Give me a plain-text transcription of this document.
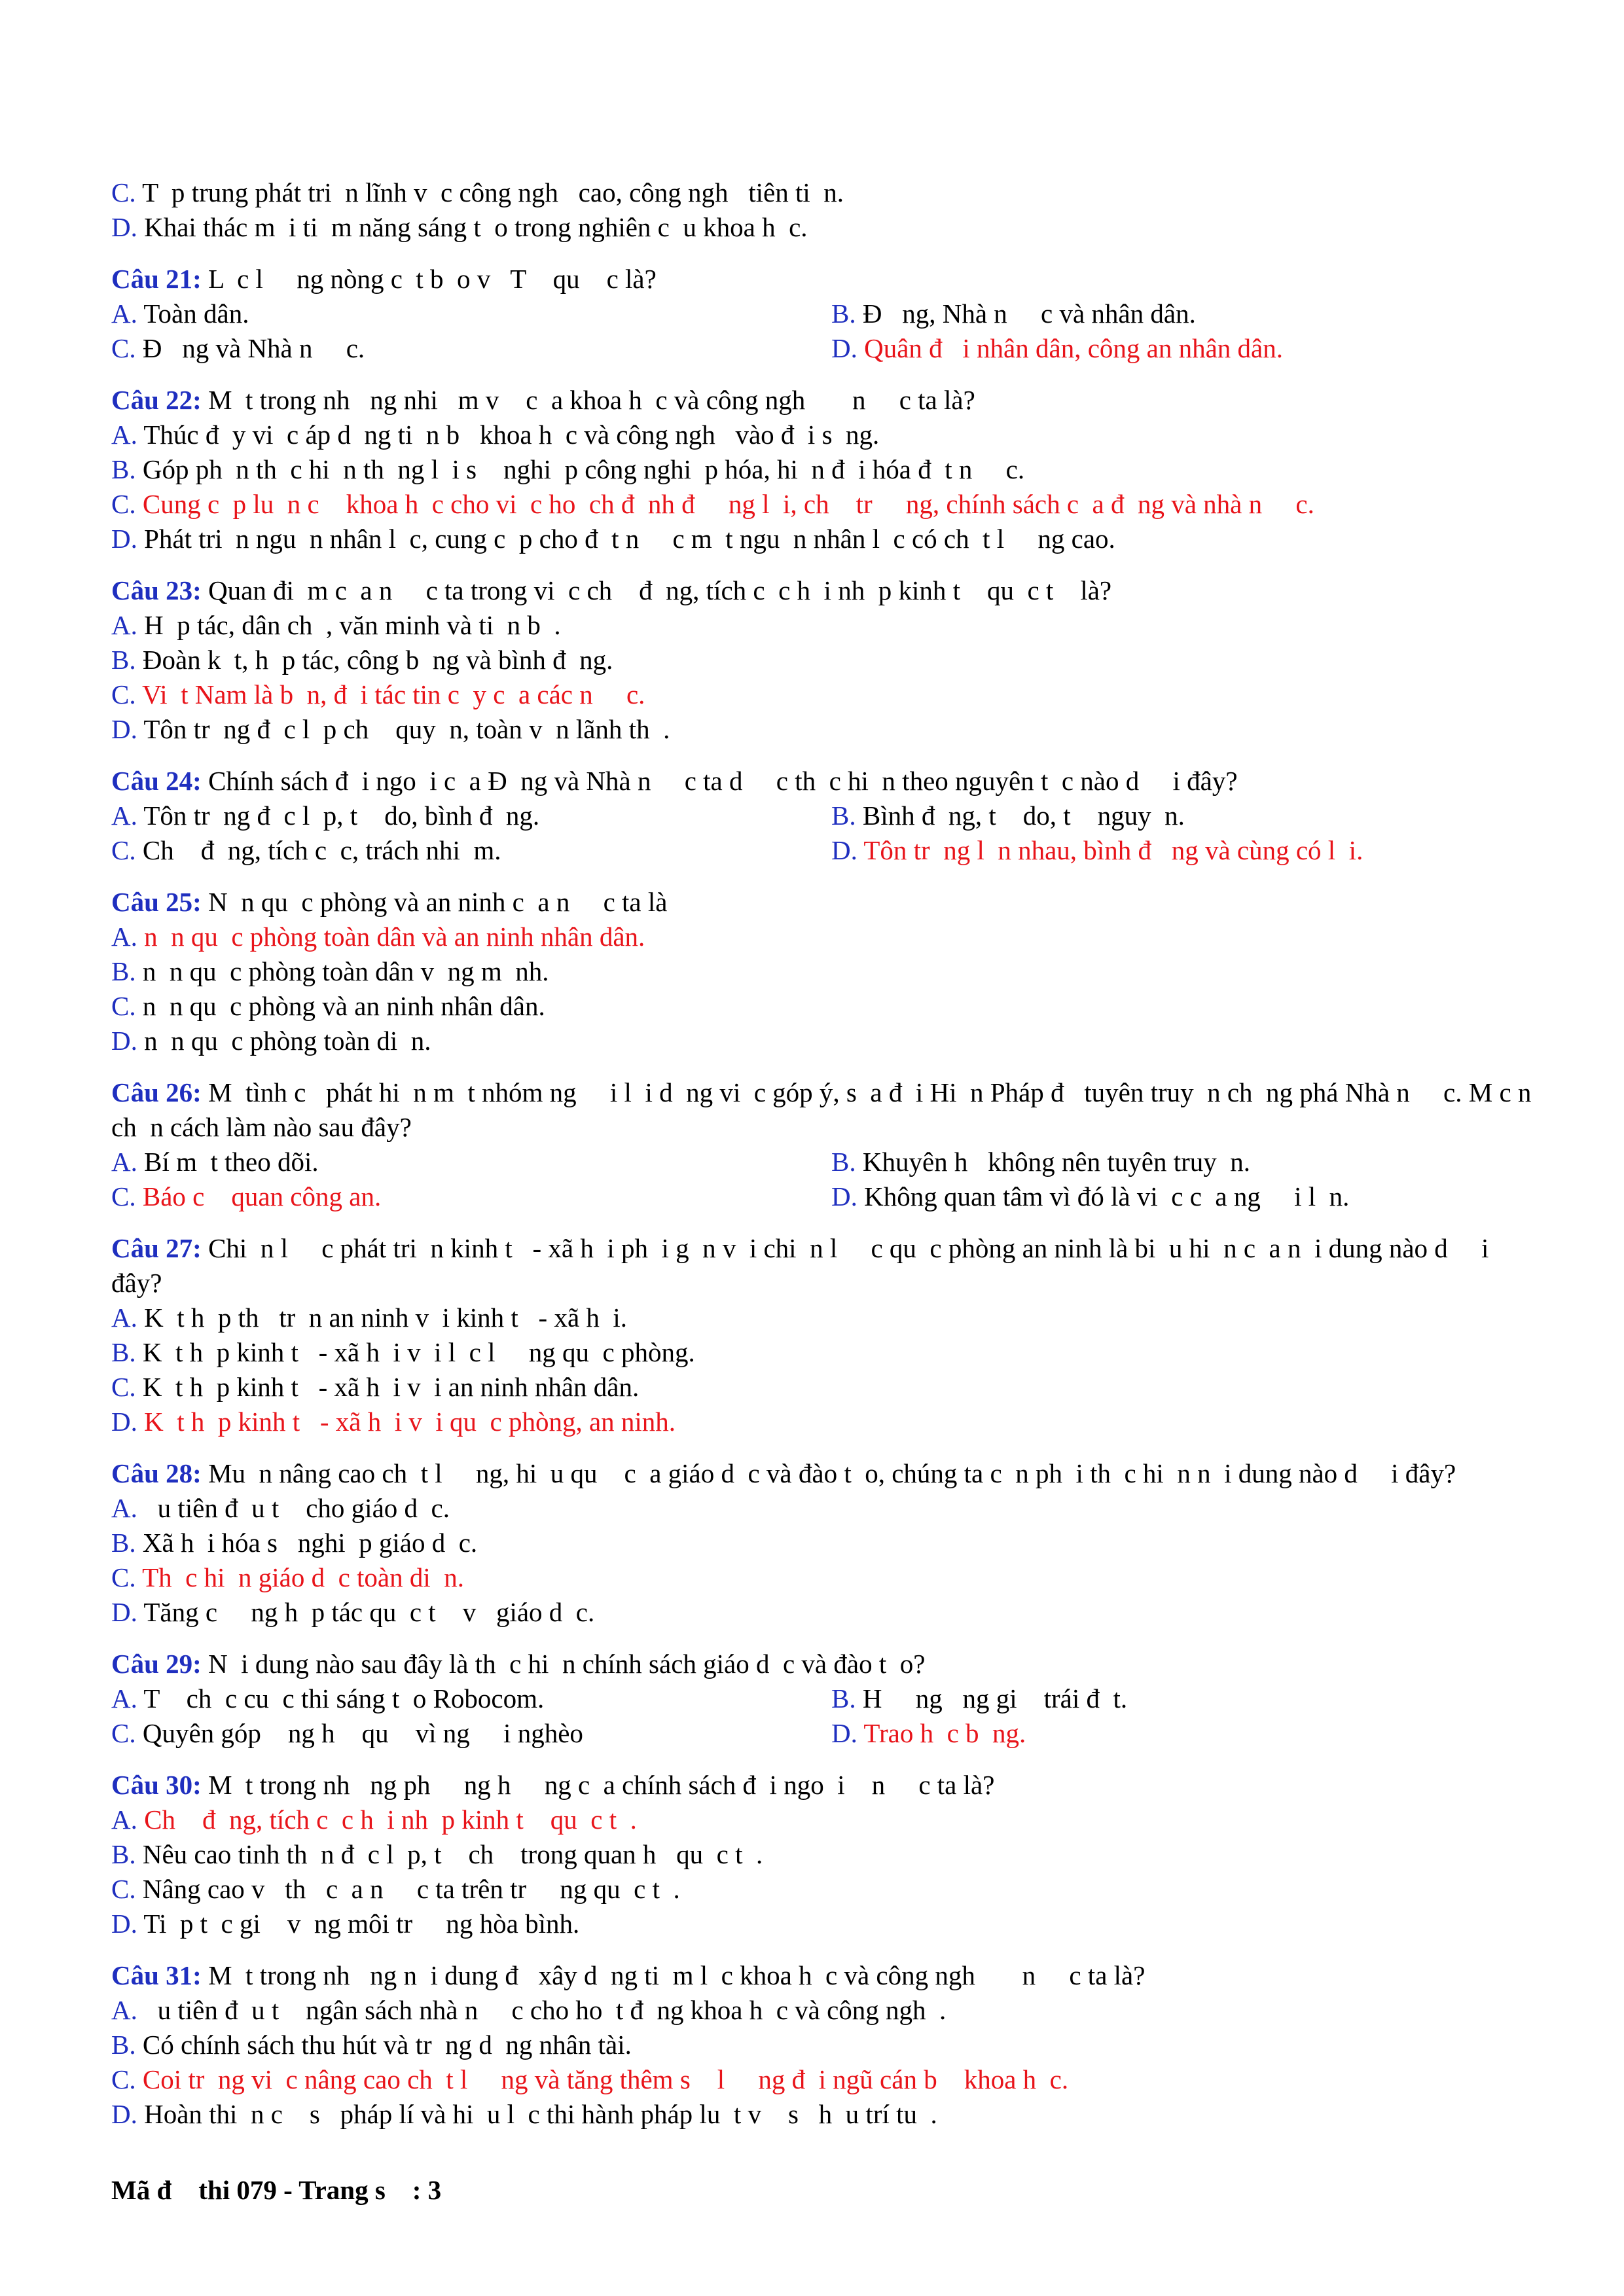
C. T  p trung phát tri  n lĩnh v  c công ngh   cao, công ngh   tiên ti  n.
D. Khai thác m  i ti  m năng sáng t  o trong nghiên c  u khoa h  c.
Câu 21: L  c l     ng nòng c  t b  o v   T    qu    c là?
A. Toàn dân.	B. Đ   ng, Nhà n     c và nhân dân.
C. Đ   ng và Nhà n     c.	D. Quân đ   i nhân dân, công an nhân dân.
Câu 22: M  t trong nh   ng nhi   m v    c  a khoa h  c và công ngh       n     c ta là?
A. Thúc đ  y vi  c áp d  ng ti  n b   khoa h  c và công ngh   vào đ  i s  ng.
B. Góp ph  n th  c hi  n th  ng l  i s    nghi  p công nghi  p hóa, hi  n đ  i hóa đ  t n     c.
C. Cung c  p lu  n c    khoa h  c cho vi  c ho  ch đ  nh đ     ng l  i, ch    tr     ng, chính sách c  a đ  ng và nhà n     c.
D. Phát tri  n ngu  n nhân l  c, cung c  p cho đ  t n     c m  t ngu  n nhân l  c có ch  t l     ng cao.
Câu 23: Quan đi  m c  a n     c ta trong vi  c ch    đ  ng, tích c  c h  i nh  p kinh t    qu  c t    là?
A. H  p tác, dân ch  , văn minh và ti  n b  .
B. Đoàn k  t, h  p tác, công b  ng và bình đ  ng.
C. Vi  t Nam là b  n, đ  i tác tin c  y c  a các n     c.
D. Tôn tr  ng đ  c l  p ch    quy  n, toàn v  n lãnh th  .
Câu 24: Chính sách đ  i ngo  i c  a Đ  ng và Nhà n     c ta d     c th  c hi  n theo nguyên t  c nào d     i đây?
A. Tôn tr  ng đ  c l  p, t    do, bình đ  ng.	B. Bình đ  ng, t    do, t    nguy  n.
C. Ch    đ  ng, tích c  c, trách nhi  m.	D. Tôn tr  ng l  n nhau, bình đ   ng và cùng có l  i.
Câu 25: N  n qu  c phòng và an ninh c  a n     c ta là
A. n  n qu  c phòng toàn dân và an ninh nhân dân.
B. n  n qu  c phòng toàn dân v  ng m  nh.
C. n  n qu  c phòng và an ninh nhân dân.
D. n  n qu  c phòng toàn di  n.
Câu 26: M  tình c   phát hi  n m  t nhóm ng     i l  i d  ng vi  c góp ý, s  a đ  i Hi  n Pháp đ   tuyên truy  n ch  ng phá Nhà n     c. M c n ch  n cách làm nào sau đây?
A. Bí m  t theo dõi.	B. Khuyên h   không nên tuyên truy  n.
C. Báo c    quan công an.	D. Không quan tâm vì đó là vi  c c  a ng     i l  n.
Câu 27: Chi  n l     c phát tri  n kinh t   - xã h  i ph  i g  n v  i chi  n l     c qu  c phòng an ninh là bi  u hi  n c  a n  i dung nào d     i đây?
A. K  t h  p th   tr  n an ninh v  i kinh t   - xã h  i.
B. K  t h  p kinh t   - xã h  i v  i l  c l     ng qu  c phòng.
C. K  t h  p kinh t   - xã h  i v  i an ninh nhân dân.
D. K  t h  p kinh t   - xã h  i v  i qu  c phòng, an ninh.
Câu 28: Mu  n nâng cao ch  t l     ng, hi  u qu    c  a giáo d  c và đào t  o, chúng ta c  n ph  i th  c hi  n n  i dung nào d     i đây?
A.   u tiên đ  u t    cho giáo d  c.
B. Xã h  i hóa s   nghi  p giáo d  c.
C. Th  c hi  n giáo d  c toàn di  n.
D. Tăng c     ng h  p tác qu  c t    v   giáo d  c.
Câu 29: N  i dung nào sau đây là th  c hi  n chính sách giáo d  c và đào t  o?
A. T    ch  c cu  c thi sáng t  o Robocom.	B. H     ng   ng gi    trái đ  t.
C. Quyên góp    ng h    qu    vì ng     i nghèo	D. Trao h  c b  ng.
Câu 30: M  t trong nh   ng ph     ng h     ng c  a chính sách đ  i ngo  i    n     c ta là?
A. Ch    đ  ng, tích c  c h  i nh  p kinh t    qu  c t  .
B. Nêu cao tinh th  n đ  c l  p, t    ch    trong quan h   qu  c t  .
C. Nâng cao v   th   c  a n     c ta trên tr     ng qu  c t  .
D. Ti  p t  c gi    v  ng môi tr     ng hòa bình.
Câu 31: M  t trong nh   ng n  i dung đ   xây d  ng ti  m l  c khoa h  c và công ngh       n     c ta là?
A.   u tiên đ  u t    ngân sách nhà n     c cho ho  t đ  ng khoa h  c và công ngh  .
B. Có chính sách thu hút và tr  ng d  ng nhân tài.
C. Coi tr  ng vi  c nâng cao ch  t l     ng và tăng thêm s    l     ng đ  i ngũ cán b    khoa h  c.
D. Hoàn thi  n c    s   pháp lí và hi  u l  c thi hành pháp lu  t v    s   h  u trí tu  .
Mã đ    thi 079 - Trang s    : 3
